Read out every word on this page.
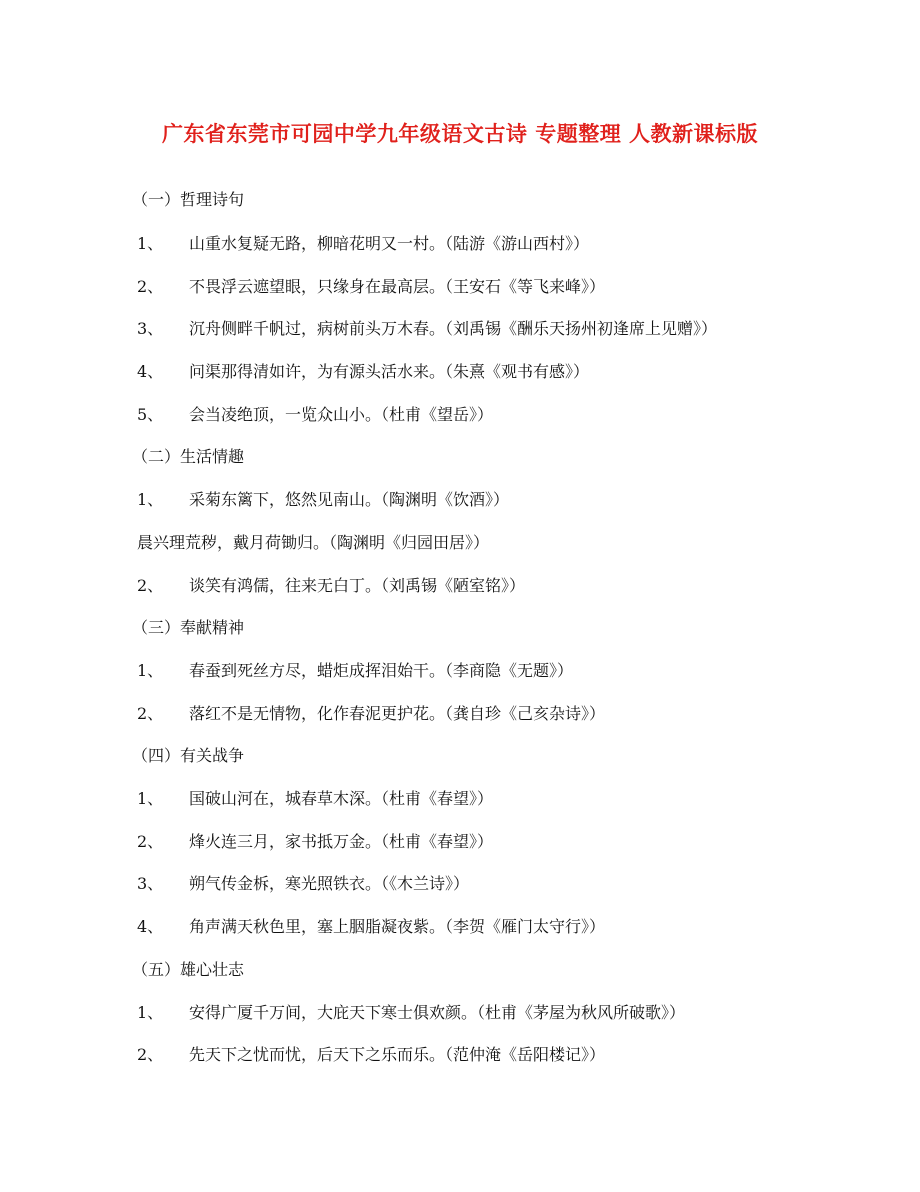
广东省东莞市可园中学九年级语文古诗 专题整理 人教新课标版
（一）哲理诗句
1、 山重水复疑无路，柳暗花明又一村。（陆游《游山西村》）
2、 不畏浮云遮望眼，只缘身在最高层。（王安石《等飞来峰》）
3、 沉舟侧畔千帆过，病树前头万木春。（刘禹锡《酬乐天扬州初逢席上见赠》）
4、 问渠那得清如许，为有源头活水来。（朱熹《观书有感》）
5、 会当凌绝顶，一览众山小。（杜甫《望岳》）
（二）生活情趣
1、 采菊东篱下，悠然见南山。（陶渊明《饮酒》）
晨兴理荒秽，戴月荷锄归。（陶渊明《归园田居》）
2、 谈笑有鸿儒，往来无白丁。（刘禹锡《陋室铭》）
（三）奉献精神
1、 春蚕到死丝方尽，蜡炬成挥泪始干。（李商隐《无题》）
2、 落红不是无情物，化作春泥更护花。（龚自珍《己亥杂诗》）
（四）有关战争
1、 国破山河在，城春草木深。（杜甫《春望》）
2、 烽火连三月，家书抵万金。（杜甫《春望》）
3、 朔气传金柝，寒光照铁衣。（《木兰诗》）
4、 角声满天秋色里，塞上胭脂凝夜紫。（李贺《雁门太守行》）
（五）雄心壮志
1、 安得广厦千万间，大庇天下寒士俱欢颜。（杜甫《茅屋为秋风所破歌》）
2、 先天下之忧而忧，后天下之乐而乐。（范仲淹《岳阳楼记》）
